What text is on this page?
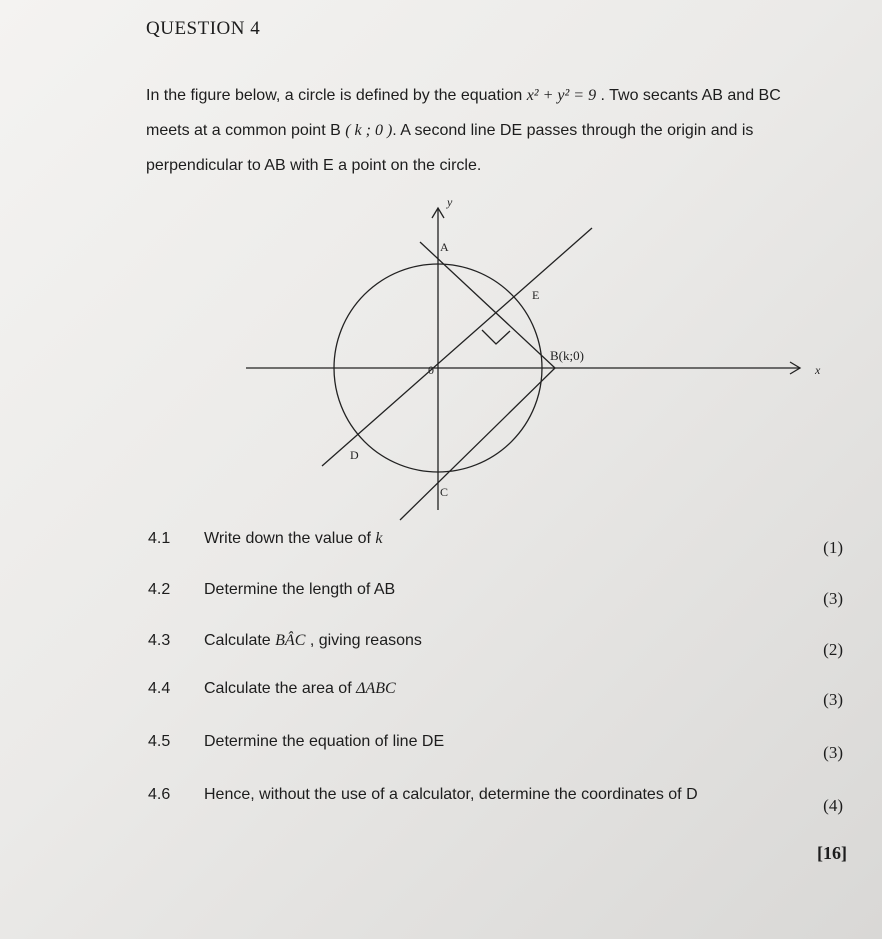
QUESTION 4
In the figure below, a circle is defined by the equation x² + y² = 9 . Two secants AB and BC
meets at a common point B ( k ; 0 ). A second line DE passes through the origin and is
perpendicular to AB with E a point on the circle.
y
x
A
E
B(k;0)
0
D
C
4.1 Write down the value of k	(1)
4.2 Determine the length of AB	(3)
4.3 Calculate BÂC , giving reasons	(2)
4.4 Calculate the area of ΔABC
(3)
4.5 Determine the equation of line DE
(3)
4.6 Hence, without the use of a calculator, determine the coordinates of D
(4)
[16]
